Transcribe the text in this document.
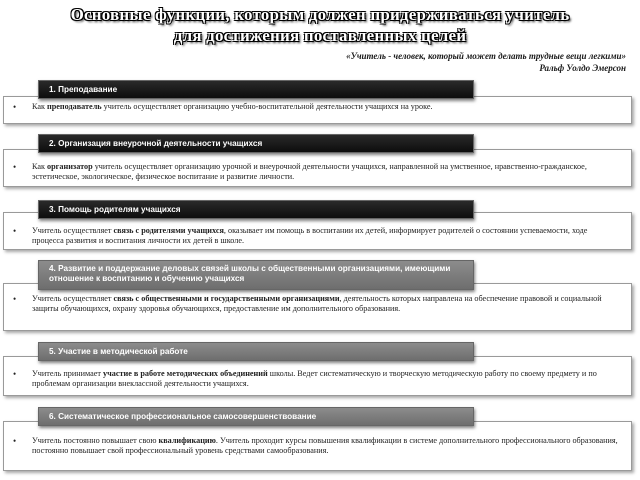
Основные функции, которым должен придерживаться учитель
для достижения поставленных целей
«Учитель - человек, который может делать трудные вещи легкими»
Ральф Уолдо Эмерсон
• Как преподаватель учитель осуществляет организацию учебно-воспитательной деятельности учащихся на уроке.
1. Преподавание
• Как организатор учитель осуществляет организацию урочной и внеурочной деятельности учащихся, направленной на умственное, нравственно-гражданское, эстетическое, экологическое, физическое воспитание и развитие личности.
2. Организация внеурочной деятельности учащихся
• Учитель осуществляет связь с родителями учащихся, оказывает им помощь в воспитании их детей, информирует родителей о состоянии успеваемости, ходе процесса развития и воспитания личности их детей в школе.
3. Помощь родителям учащихся
• Учитель осуществляет связь с общественными и государственными организациями, деятельность которых направлена на обеспечение правовой и социальной защиты обучающихся, охрану здоровья обучающихся, предоставление им дополнительного образования.
4. Развитие и поддержание деловых связей школы с общественными организациями, имеющими отношение к воспитанию и обучению учащихся
• Учитель принимает участие в работе методических объединений школы. Ведет систематическую и творческую методическую работу по своему предмету и по проблемам организации внеклассной деятельности учащихся.
5. Участие в методической работе
• Учитель постоянно повышает свою квалификацию. Учитель проходит курсы повышения квалификации в системе дополнительного профессионального образования, постоянно повышает свой профессиональный уровень средствами самообразования.
6. Систематическое профессиональное самосовершенствование
